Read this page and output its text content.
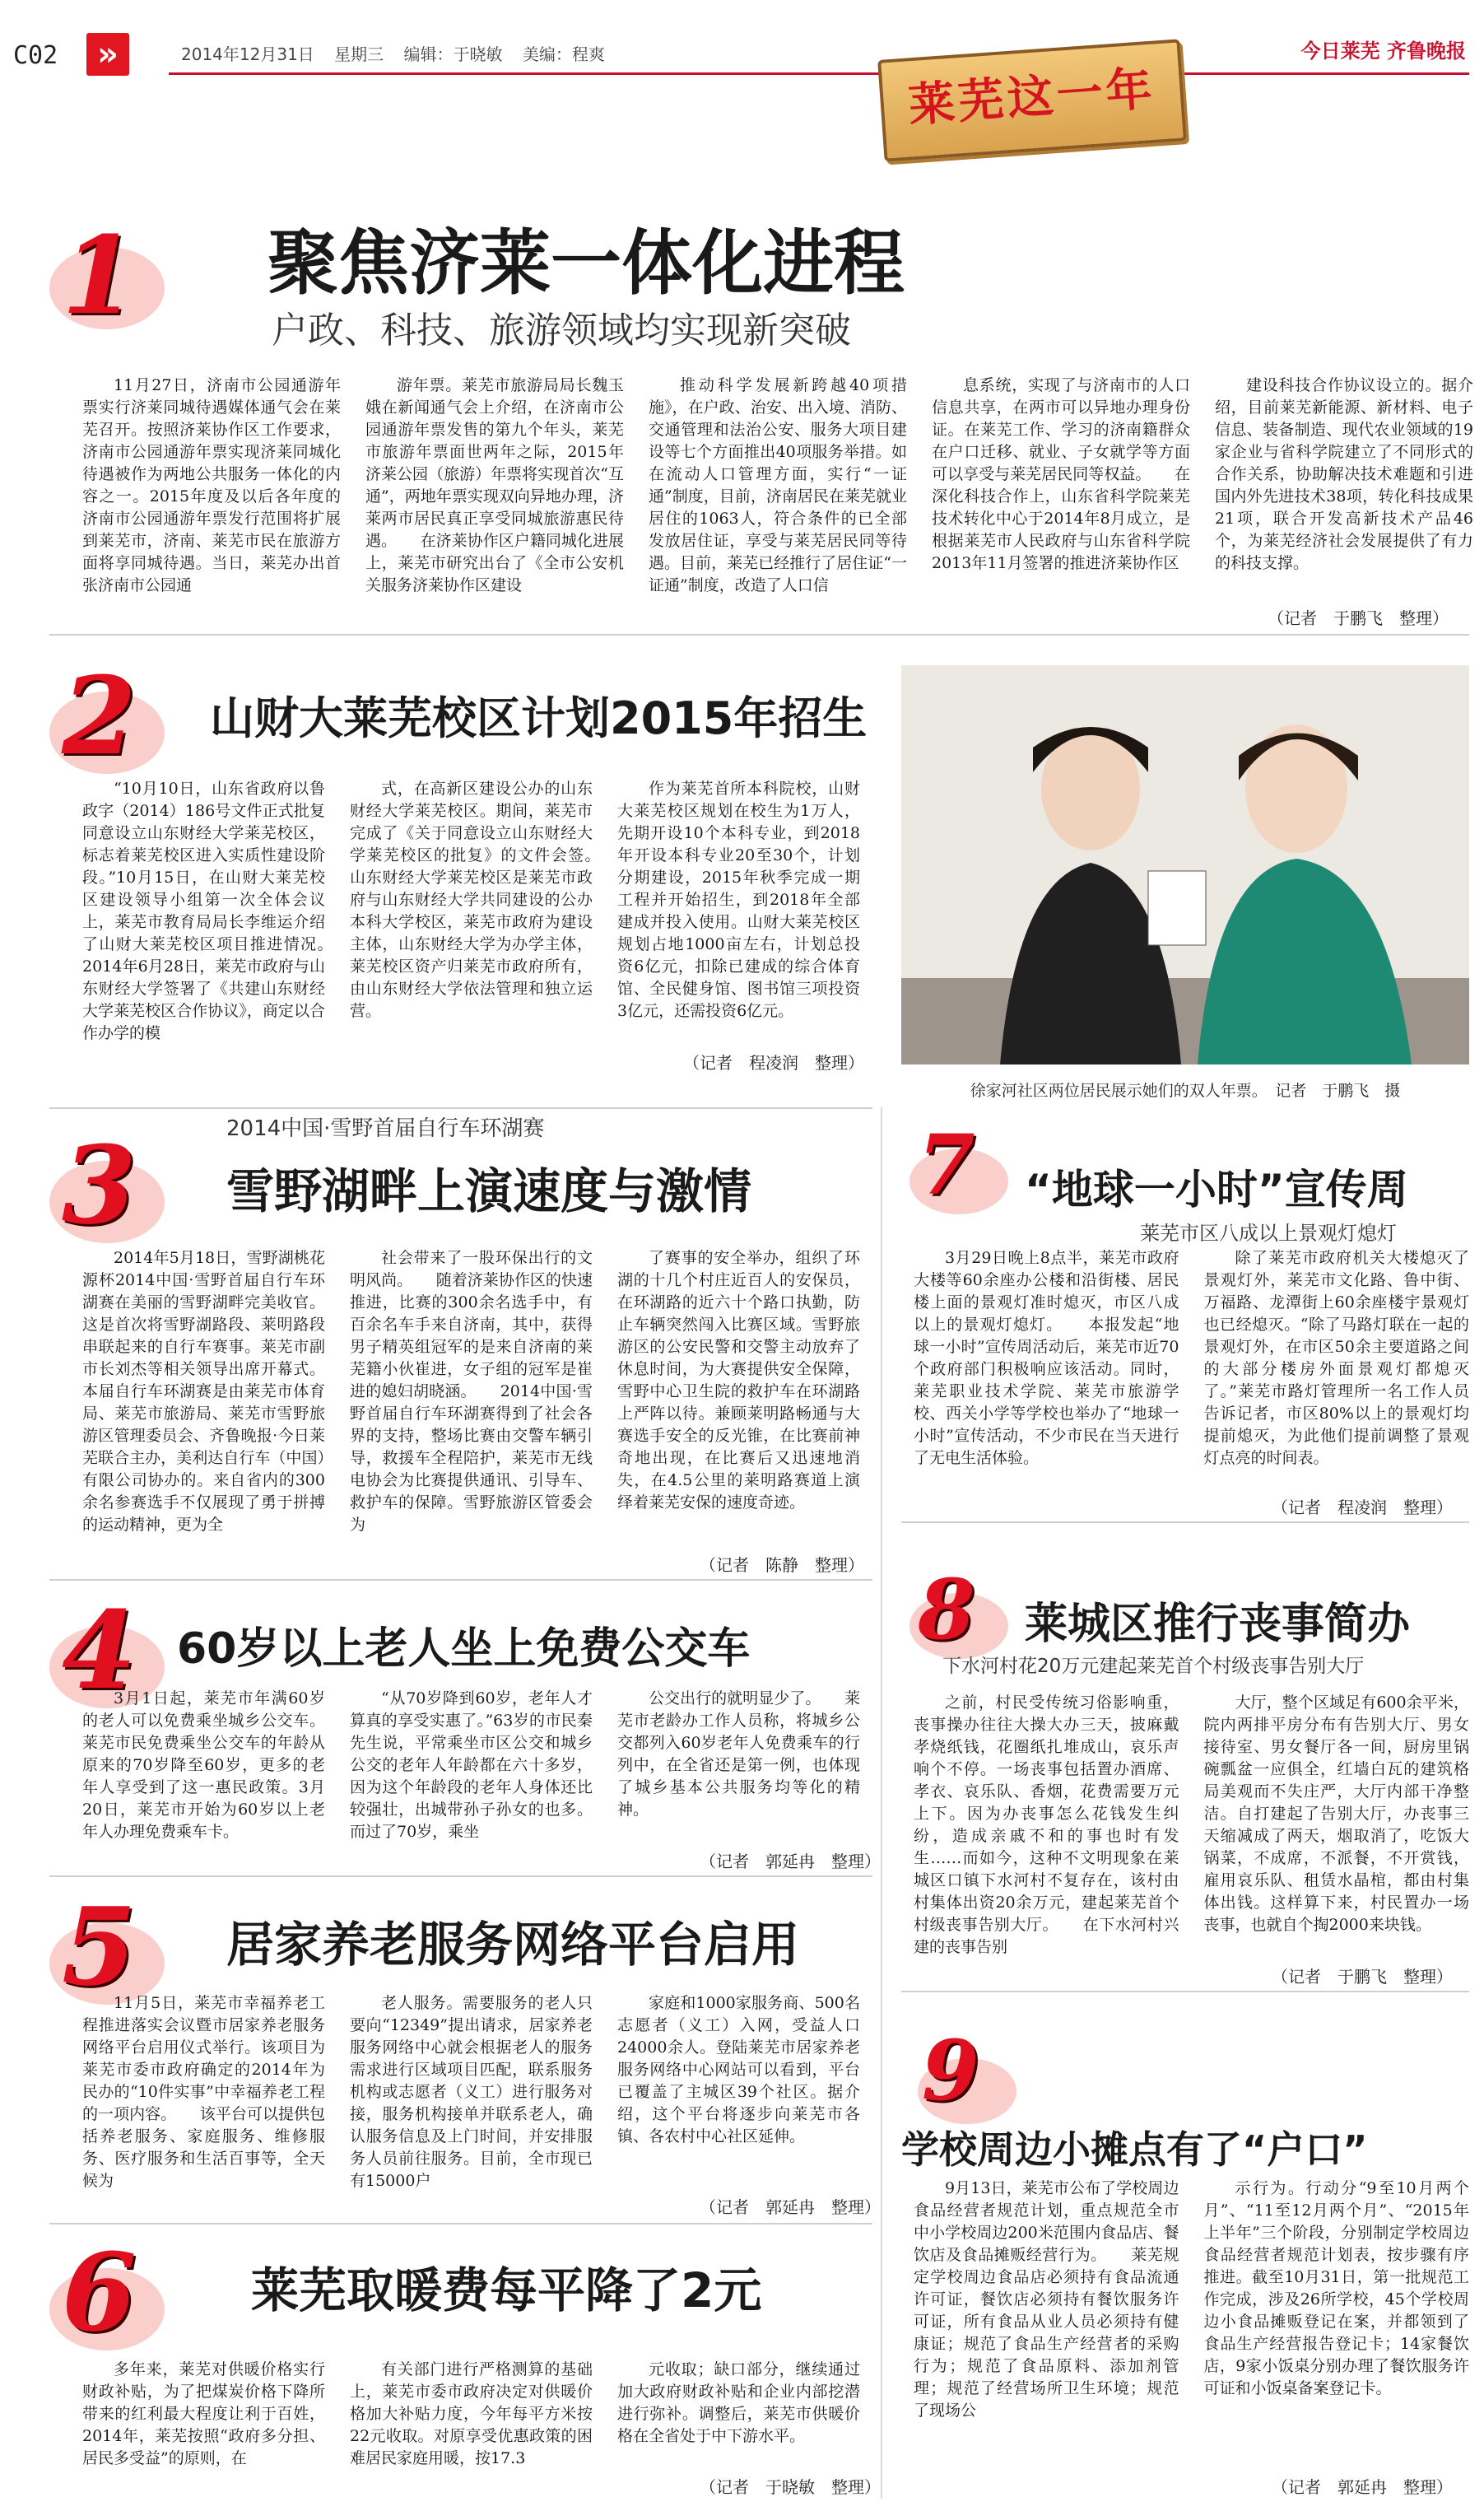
C02	»	2014年12月31日 星期三 编辑：于晓敏 美编：程爽	今日莱芜 齐鲁晚报
莱芜这一年
1 聚焦济莱一体化进程
户政、科技、旅游领域均实现新突破

11月27日，济南市公园通游年票实行济莱同城待遇媒体通气会在莱芜召开。按照济莱协作区工作要求，济南市公园通游年票实现济莱同城化待遇被作为两地公共服务一体化的内容之一。2015年度及以后各年度的济南市公园通游年票发行范围将扩展到莱芜市，济南、莱芜市民在旅游方面将享同城待遇。当日，莱芜办出首张济南市公园通

游年票。莱芜市旅游局局长魏玉娥在新闻通气会上介绍，在济南市公园通游年票发售的第九个年头，莱芜市旅游年票面世两年之际，2015年济莱公园（旅游）年票将实现首次“互通”，两地年票实现双向异地办理，济莱两市居民真正享受同城旅游惠民待遇。　　在济莱协作区户籍同城化进展上，莱芜市研究出台了《全市公安机关服务济莱协作区建设

推动科学发展新跨越40项措施》，在户政、治安、出入境、消防、交通管理和法治公安、服务大项目建设等七个方面推出40项服务举措。如在流动人口管理方面，实行“一证通”制度，目前，济南居民在莱芜就业居住的1063人，符合条件的已全部发放居住证，享受与莱芜居民同等待遇。目前，莱芜已经推行了居住证“一证通”制度，改造了人口信

息系统，实现了与济南市的人口信息共享，在两市可以异地办理身份证。在莱芜工作、学习的济南籍群众在户口迁移、就业、子女就学等方面可以享受与莱芜居民同等权益。　　在深化科技合作上，山东省科学院莱芜技术转化中心于2014年8月成立，是根据莱芜市人民政府与山东省科学院2013年11月签署的推进济莱协作区

建设科技合作协议设立的。据介绍，目前莱芜新能源、新材料、电子信息、装备制造、现代农业领域的19家企业与省科学院建立了不同形式的合作关系，协助解决技术难题和引进国内外先进技术38项，转化科技成果21项，联合开发高新技术产品46个，为莱芜经济社会发展提供了有力的科技支撑。

（记者　于鹏飞　整理）
2 山财大莱芜校区计划2015年招生

“10月10日，山东省政府以鲁政字（2014）186号文件正式批复同意设立山东财经大学莱芜校区，标志着莱芜校区进入实质性建设阶段。”10月15日，在山财大莱芜校区建设领导小组第一次全体会议上，莱芜市教育局局长李维运介绍了山财大莱芜校区项目推进情况。　　2014年6月28日，莱芜市政府与山东财经大学签署了《共建山东财经大学莱芜校区合作协议》，商定以合作办学的模

式，在高新区建设公办的山东财经大学莱芜校区。期间，莱芜市完成了《关于同意设立山东财经大学莱芜校区的批复》的文件会签。　　山东财经大学莱芜校区是莱芜市政府与山东财经大学共同建设的公办本科大学校区，莱芜市政府为建设主体，山东财经大学为办学主体，莱芜校区资产归莱芜市政府所有，由山东财经大学依法管理和独立运营。

作为莱芜首所本科院校，山财大莱芜校区规划在校生为1万人，先期开设10个本科专业，到2018年开设本科专业20至30个，计划分期建设，2015年秋季完成一期工程并开始招生，到2018年全部建成并投入使用。山财大莱芜校区规划占地1000亩左右，计划总投资6亿元，扣除已建成的综合体育馆、全民健身馆、图书馆三项投资3亿元，还需投资6亿元。

（记者　程凌润　整理）
徐家河社区两位居民展示她们的双人年票。　记者　于鹏飞　摄
2014中国·雪野首届自行车环湖赛
3 雪野湖畔上演速度与激情

2014年5月18日，雪野湖桃花源杯2014中国·雪野首届自行车环湖赛在美丽的雪野湖畔完美收官。这是首次将雪野湖路段、莱明路段串联起来的自行车赛事。莱芜市副市长刘杰等相关领导出席开幕式。本届自行车环湖赛是由莱芜市体育局、莱芜市旅游局、莱芜市雪野旅游区管理委员会、齐鲁晚报·今日莱芜联合主办，美利达自行车（中国）有限公司协办的。来自省内的300余名参赛选手不仅展现了勇于拼搏的运动精神，更为全

社会带来了一股环保出行的文明风尚。　　随着济莱协作区的快速推进，比赛的300余名选手中，有百余名车手来自济南，其中，获得男子精英组冠军的是来自济南的莱芜籍小伙崔进，女子组的冠军是崔进的媳妇胡晓涵。　　2014中国·雪野首届自行车环湖赛得到了社会各界的支持，整场比赛由交警车辆引导，救援车全程陪护，莱芜市无线电协会为比赛提供通讯、引导车、救护车的保障。雪野旅游区管委会为

了赛事的安全举办，组织了环湖的十几个村庄近百人的安保员，在环湖路的近六十个路口执勤，防止车辆突然闯入比赛区域。雪野旅游区的公安民警和交警主动放弃了休息时间，为大赛提供安全保障，雪野中心卫生院的救护车在环湖路上严阵以待。兼顾莱明路畅通与大赛选手安全的反光锥，在比赛前神奇地出现，在比赛后又迅速地消失，在4.5公里的莱明路赛道上演绎着莱芜安保的速度奇迹。

（记者　陈静　整理）
4 60岁以上老人坐上免费公交车

3月1日起，莱芜市年满60岁的老人可以免费乘坐城乡公交车。莱芜市民免费乘坐公交车的年龄从原来的70岁降至60岁，更多的老年人享受到了这一惠民政策。3月20日，莱芜市开始为60岁以上老年人办理免费乘车卡。

“从70岁降到60岁，老年人才算真的享受实惠了。”63岁的市民秦先生说，平常乘坐市区公交和城乡公交的老年人年龄都在六十多岁，因为这个年龄段的老年人身体还比较强壮，出城带孙子孙女的也多。而过了70岁，乘坐

公交出行的就明显少了。　　莱芜市老龄办工作人员称，将城乡公交都列入60岁老年人免费乘车的行列中，在全省还是第一例，也体现了城乡基本公共服务均等化的精神。

（记者　郭延冉　整理）
5 居家养老服务网络平台启用

11月5日，莱芜市幸福养老工程推进落实会议暨市居家养老服务网络平台启用仪式举行。该项目为莱芜市委市政府确定的2014年为民办的“10件实事”中幸福养老工程的一项内容。　　该平台可以提供包括养老服务、家庭服务、维修服务、医疗服务和生活百事等，全天候为

老人服务。需要服务的老人只要向“12349”提出请求，居家养老服务网络中心就会根据老人的服务需求进行区域项目匹配，联系服务机构或志愿者（义工）进行服务对接，服务机构接单并联系老人，确认服务信息及上门时间，并安排服务人员前往服务。目前，全市现已有15000户

家庭和1000家服务商、500名志愿者（义工）入网，受益人口24000余人。登陆莱芜市居家养老服务网络中心网站可以看到，平台已覆盖了主城区39个社区。据介绍，这个平台将逐步向莱芜市各镇、各农村中心社区延伸。

（记者　郭延冉　整理）
6 莱芜取暖费每平降了2元

多年来，莱芜对供暖价格实行财政补贴，为了把煤炭价格下降所带来的红利最大程度让利于百姓，2014年，莱芜按照“政府多分担、居民多受益”的原则，在

有关部门进行严格测算的基础上，莱芜市委市政府决定对供暖价格加大补贴力度，今年每平方米按22元收取。对原享受优惠政策的困难居民家庭用暖，按17.3

元收取；缺口部分，继续通过加大政府财政补贴和企业内部挖潜进行弥补。调整后，莱芜市供暖价格在全省处于中下游水平。

（记者　于晓敏　整理）
7 “地球一小时”宣传周
莱芜市区八成以上景观灯熄灯

3月29日晚上8点半，莱芜市政府大楼等60余座办公楼和沿街楼、居民楼上面的景观灯准时熄灭，市区八成以上的景观灯熄灯。　　本报发起“地球一小时”宣传周活动后，莱芜市近70个政府部门积极响应该活动。同时，莱芜职业技术学院、莱芜市旅游学校、西关小学等学校也举办了“地球一小时”宣传活动，不少市民在当天进行了无电生活体验。

除了莱芜市政府机关大楼熄灭了景观灯外，莱芜市文化路、鲁中街、万福路、龙潭街上60余座楼宇景观灯也已经熄灭。“除了马路灯联在一起的景观灯外，在市区50余主要道路之间的大部分楼房外面景观灯都熄灭了。”莱芜市路灯管理所一名工作人员告诉记者，市区80%以上的景观灯均提前熄灭，为此他们提前调整了景观灯点亮的时间表。

（记者　程凌润　整理）
8 莱城区推行丧事简办
下水河村花20万元建起莱芜首个村级丧事告别大厅

之前，村民受传统习俗影响重，丧事操办往往大操大办三天，披麻戴孝烧纸钱，花圈纸扎堆成山，哀乐声响个不停。一场丧事包括置办酒席、孝衣、哀乐队、香烟，花费需要万元上下。因为办丧事怎么花钱发生纠纷，造成亲戚不和的事也时有发生……而如今，这种不文明现象在莱城区口镇下水河村不复存在，该村由村集体出资20余万元，建起莱芜首个村级丧事告别大厅。　　在下水河村兴建的丧事告别

大厅，整个区域足有600余平米，院内两排平房分布有告别大厅、男女接待室、男女餐厅各一间，厨房里锅碗瓢盆一应俱全，红墙白瓦的建筑格局美观而不失庄严，大厅内部干净整洁。自打建起了告别大厅，办丧事三天缩减成了两天，烟取消了，吃饭大锅菜，不成席，不派餐，不开赏钱，雇用哀乐队、租赁水晶棺，都由村集体出钱。这样算下来，村民置办一场丧事，也就自个掏2000来块钱。

（记者　于鹏飞　整理）
9
学校周边小摊点有了“户口”

9月13日，莱芜市公布了学校周边食品经营者规范计划，重点规范全市中小学校周边200米范围内食品店、餐饮店及食品摊贩经营行为。　　莱芜规定学校周边食品店必须持有食品流通许可证，餐饮店必须持有餐饮服务许可证，所有食品从业人员必须持有健康证；规范了食品生产经营者的采购行为；规范了食品原料、添加剂管理；规范了经营场所卫生环境；规范了现场公

示行为。行动分“9至10月两个月”、“11至12月两个月”、“2015年上半年”三个阶段，分别制定学校周边食品经营者规范计划表，按步骤有序推进。截至10月31日，第一批规范工作完成，涉及26所学校，45个学校周边小食品摊贩登记在案，并都领到了食品生产经营报告登记卡；14家餐饮店，9家小饭桌分别办理了餐饮服务许可证和小饭桌备案登记卡。

（记者　郭延冉　整理）
